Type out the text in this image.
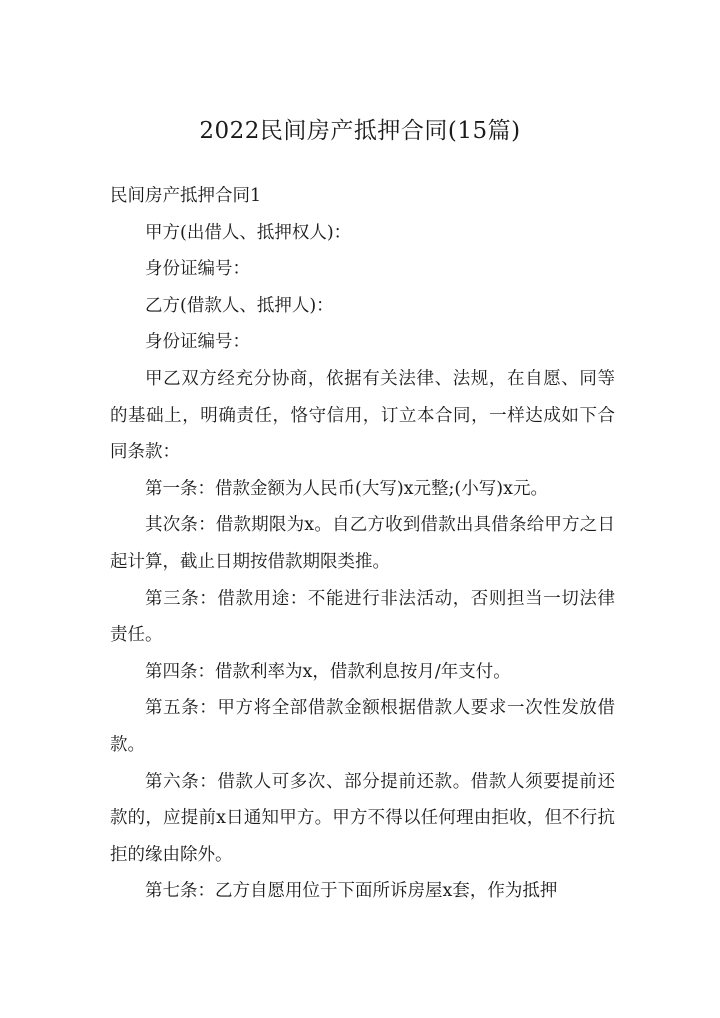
2022民间房产抵押合同(15篇)

民间房产抵押合同1

甲方(出借人、抵押权人)：

身份证编号：

乙方(借款人、抵押人)：

身份证编号：

甲乙双方经充分协商，依据有关法律、法规，在自愿、同等的基础上，明确责任，恪守信用，订立本合同，一样达成如下合同条款：

第一条：借款金额为人民币(大写)x元整;(小写)x元。

其次条：借款期限为x。自乙方收到借款出具借条给甲方之日起计算，截止日期按借款期限类推。

第三条：借款用途：不能进行非法活动，否则担当一切法律责任。

第四条：借款利率为x，借款利息按月/年支付。

第五条：甲方将全部借款金额根据借款人要求一次性发放借款。

第六条：借款人可多次、部分提前还款。借款人须要提前还款的，应提前x日通知甲方。甲方不得以任何理由拒收，但不行抗拒的缘由除外。

第七条：乙方自愿用位于下面所诉房屋x套，作为抵押
